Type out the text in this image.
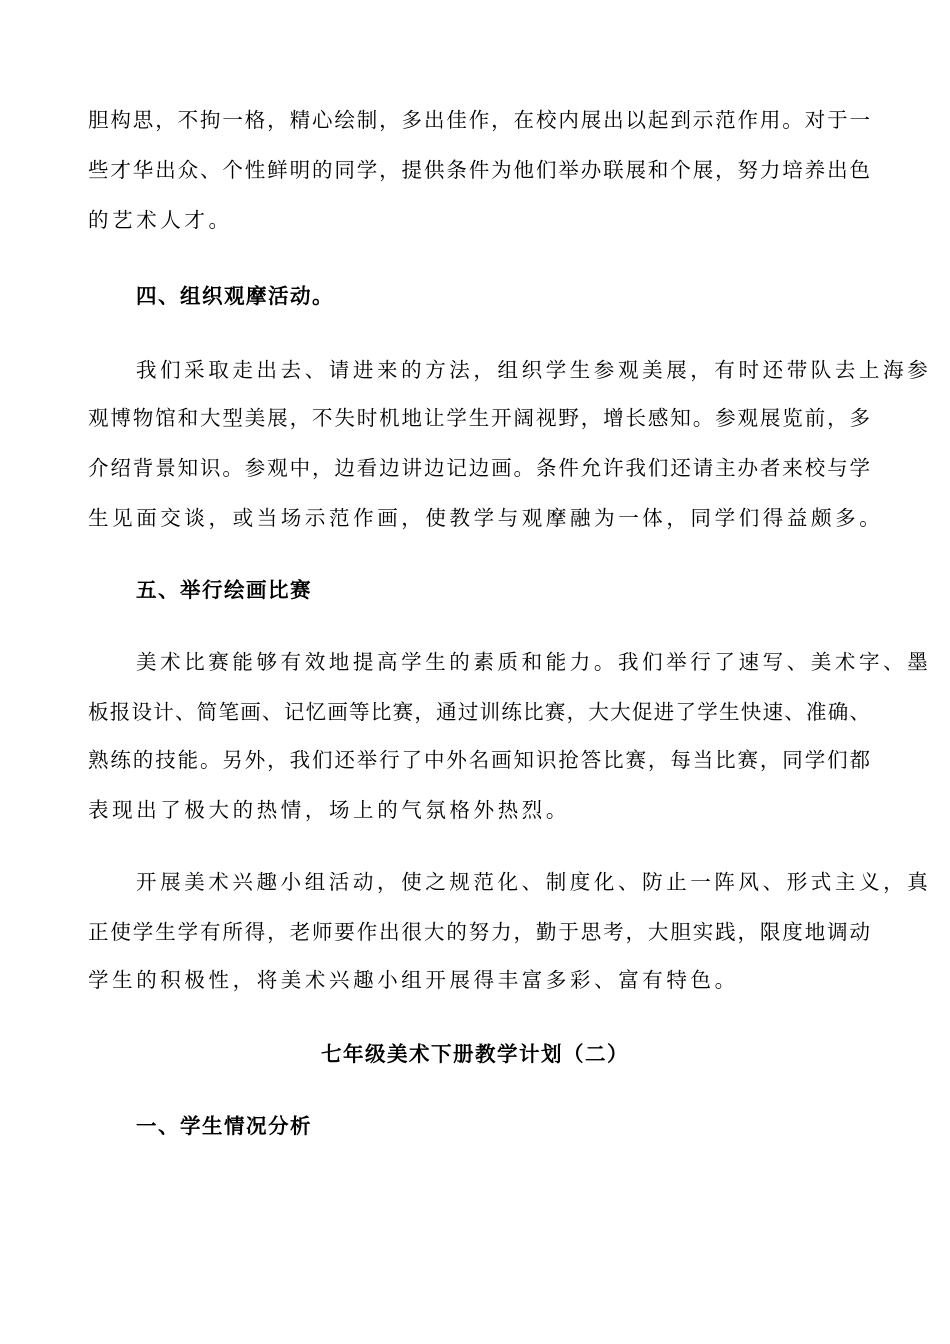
胆构思，不拘一格，精心绘制，多出佳作，在校内展出以起到示范作用。对于一
些才华出众、个性鲜明的同学，提供条件为他们举办联展和个展，努力培养出色
的艺术人才。
四、组织观摩活动。
我们采取走出去、请进来的方法，组织学生参观美展，有时还带队去上海参
观博物馆和大型美展，不失时机地让学生开阔视野，增长感知。参观展览前，多
介绍背景知识。参观中，边看边讲边记边画。条件允许我们还请主办者来校与学
生见面交谈，或当场示范作画，使教学与观摩融为一体，同学们得益颇多。
五、举行绘画比赛
美术比赛能够有效地提高学生的素质和能力。我们举行了速写、美术字、墨
板报设计、简笔画、记忆画等比赛，通过训练比赛，大大促进了学生快速、准确、
熟练的技能。另外，我们还举行了中外名画知识抢答比赛，每当比赛，同学们都
表现出了极大的热情，场上的气氛格外热烈。
开展美术兴趣小组活动，使之规范化、制度化、防止一阵风、形式主义，真
正使学生学有所得，老师要作出很大的努力，勤于思考，大胆实践，限度地调动
学生的积极性，将美术兴趣小组开展得丰富多彩、富有特色。
七年级美术下册教学计划（二）
一、学生情况分析
